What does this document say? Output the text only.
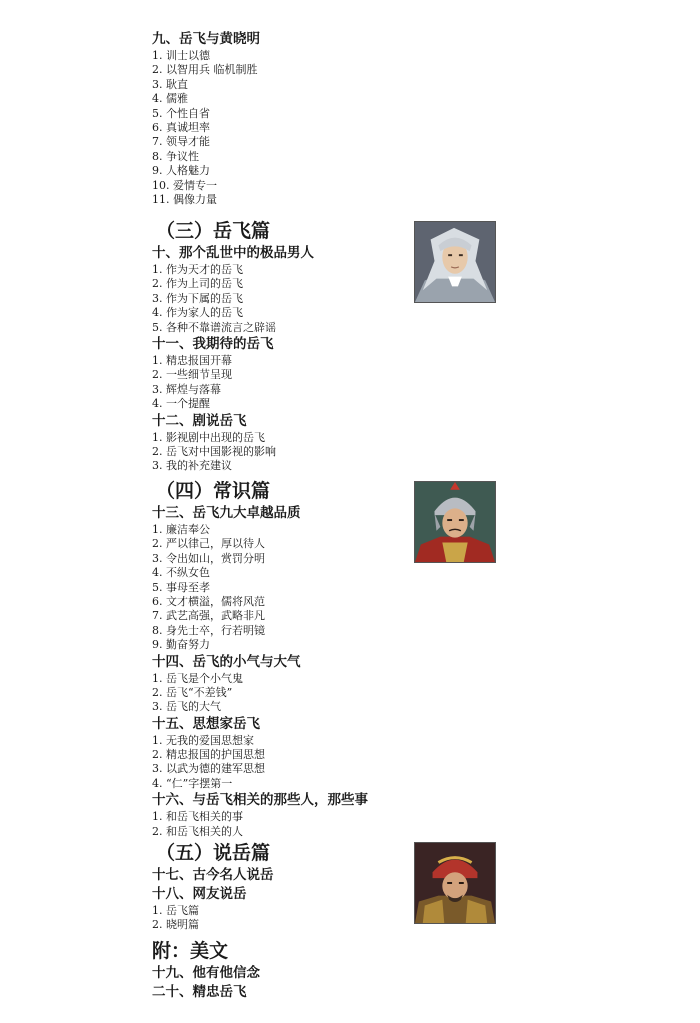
九、岳飞与黄晓明
1. 训士以德
2. 以智用兵 临机制胜
3. 耿直
4. 儒雅
5. 个性自省
6. 真诚坦率
7. 领导才能
8. 争议性
9. 人格魅力
10. 爱情专一
11. 偶像力量
（三）岳飞篇
十、那个乱世中的极品男人
1. 作为天才的岳飞
2. 作为上司的岳飞
3. 作为下属的岳飞
4. 作为家人的岳飞
5. 各种不靠谱流言之辟谣
十一、我期待的岳飞
1. 精忠报国开幕
2. 一些细节呈现
3. 辉煌与落幕
4. 一个提醒
十二、剧说岳飞
1. 影视剧中出现的岳飞
2. 岳飞对中国影视的影响
3. 我的补充建议
（四）常识篇
十三、岳飞九大卓越品质
1. 廉洁奉公
2. 严以律己，厚以待人
3. 令出如山，赏罚分明
4. 不纵女色
5. 事母至孝
6. 文才横溢，儒将风范
7. 武艺高强，武略非凡
8. 身先士卒，行若明镜
9. 勤奋努力
十四、岳飞的小气与大气
1. 岳飞是个小气鬼
2. 岳飞“不差钱”
3. 岳飞的大气
十五、思想家岳飞
1. 无我的爱国思想家
2. 精忠报国的护国思想
3. 以武为德的建军思想
4. “仁”字摆第一
十六、与岳飞相关的那些人，那些事
1. 和岳飞相关的事
2. 和岳飞相关的人
（五）说岳篇
十七、古今名人说岳
十八、网友说岳
1. 岳飞篇
2. 晓明篇
附：美文
十九、他有他信念
二十、精忠岳飞
